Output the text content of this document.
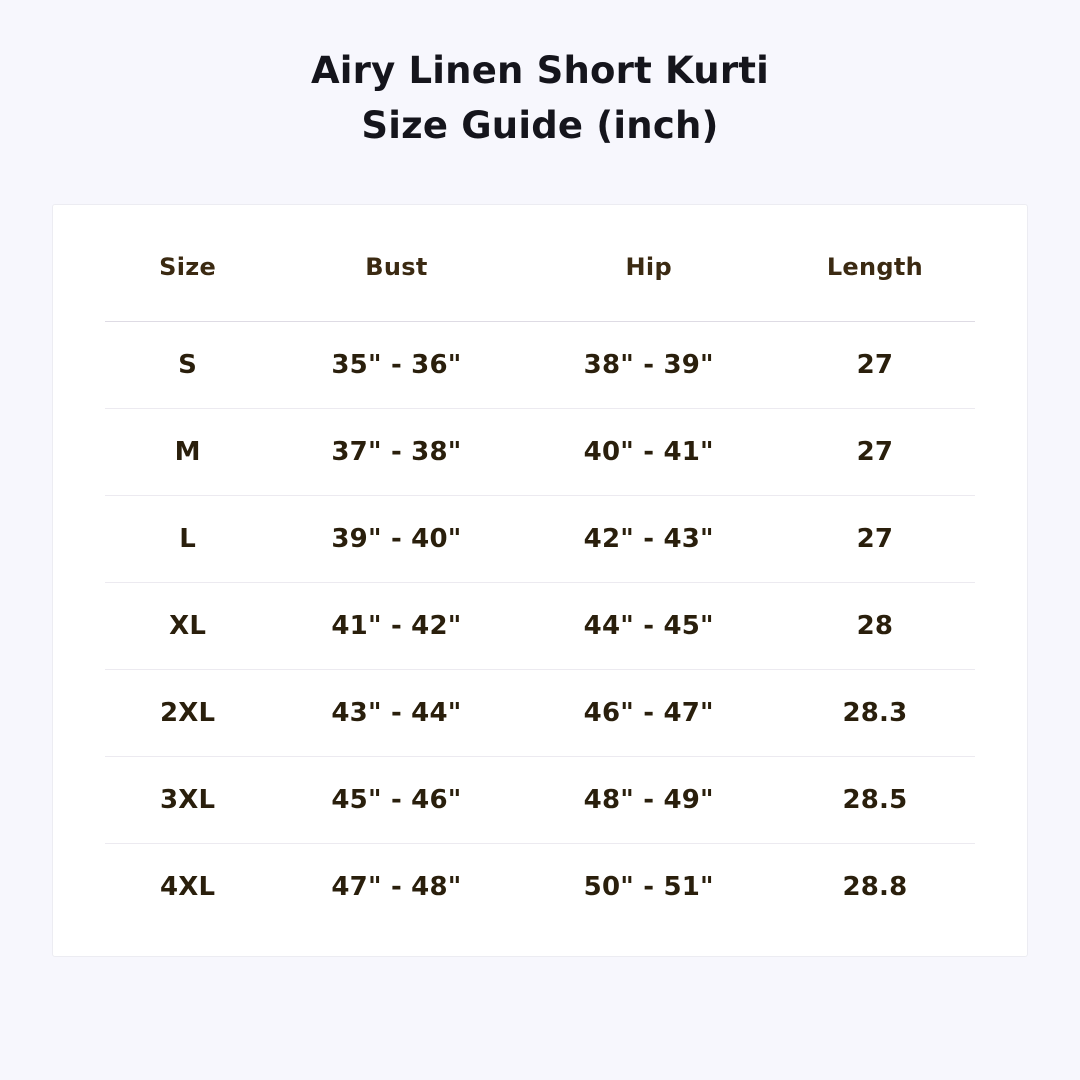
Airy Linen Short Kurti
Size Guide (inch)
Size	Bust	Hip	Length
S	35" - 36"	38" - 39"	27
M	37" - 38"	40" - 41"	27
L	39" - 40"	42" - 43"	27
XL	41" - 42"	44" - 45"	28
2XL	43" - 44"	46" - 47"	28.3
3XL	45" - 46"	48" - 49"	28.5
4XL	47" - 48"	50" - 51"	28.8
